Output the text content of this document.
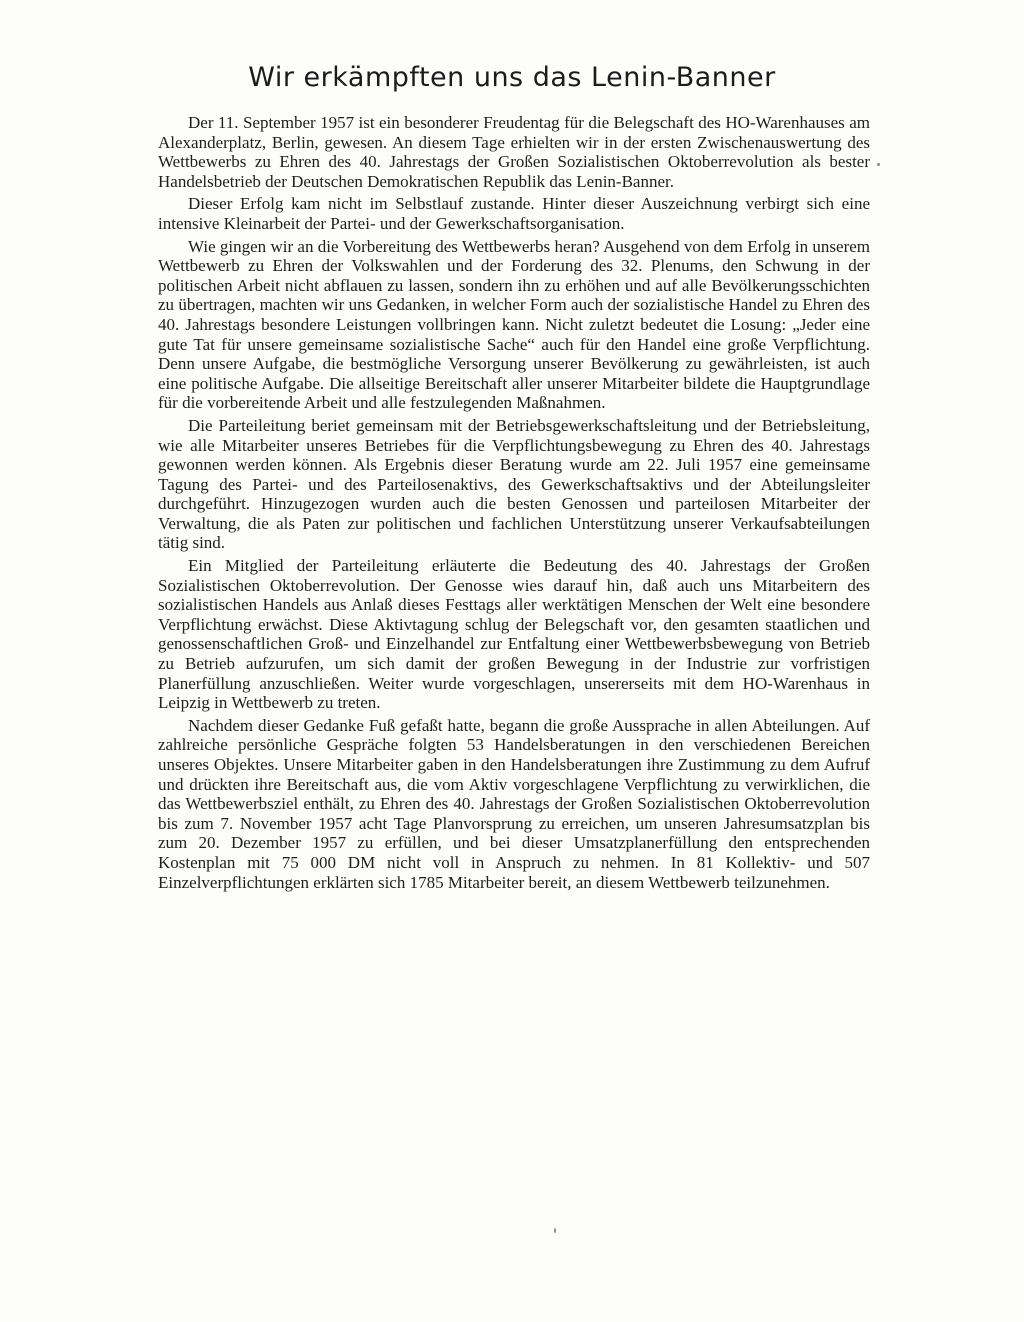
Wir erkämpften uns das Lenin-Banner

Der 11. September 1957 ist ein besonderer Freudentag für die Belegschaft des HO-Warenhauses am Alexanderplatz, Berlin, gewesen. An diesem Tage erhielten wir in der ersten Zwischenauswertung des Wettbewerbs zu Ehren des 40. Jahrestags der Großen Sozialistischen Oktoberrevolution als bester Handelsbetrieb der Deutschen Demokratischen Republik das Lenin-Banner.

Dieser Erfolg kam nicht im Selbstlauf zustande. Hinter dieser Auszeichnung verbirgt sich eine intensive Kleinarbeit der Partei- und der Gewerkschaftsorganisation.

Wie gingen wir an die Vorbereitung des Wettbewerbs heran? Ausgehend von dem Erfolg in unserem Wettbewerb zu Ehren der Volkswahlen und der Forderung des 32. Plenums, den Schwung in der politischen Arbeit nicht abflauen zu lassen, sondern ihn zu erhöhen und auf alle Bevölkerungsschichten zu übertragen, machten wir uns Gedanken, in welcher Form auch der sozialistische Handel zu Ehren des 40. Jahrestags besondere Leistungen vollbringen kann. Nicht zuletzt bedeutet die Losung: „Jeder eine gute Tat für unsere gemeinsame sozialistische Sache“ auch für den Handel eine große Verpflichtung. Denn unsere Aufgabe, die bestmögliche Versorgung unserer Bevölkerung zu gewährleisten, ist auch eine politische Aufgabe. Die allseitige Bereitschaft aller unserer Mitarbeiter bildete die Hauptgrundlage für die vorbereitende Arbeit und alle festzulegenden Maßnahmen.

Die Parteileitung beriet gemeinsam mit der Betriebsgewerkschaftsleitung und der Betriebsleitung, wie alle Mitarbeiter unseres Betriebes für die Verpflichtungsbewegung zu Ehren des 40. Jahrestags gewonnen werden können. Als Ergebnis dieser Beratung wurde am 22. Juli 1957 eine gemeinsame Tagung des Partei- und des Parteilosenaktivs, des Gewerkschaftsaktivs und der Abteilungsleiter durchgeführt. Hinzugezogen wurden auch die besten Genossen und parteilosen Mitarbeiter der Verwaltung, die als Paten zur politischen und fachlichen Unterstützung unserer Verkaufsabteilungen tätig sind.

Ein Mitglied der Parteileitung erläuterte die Bedeutung des 40. Jahrestags der Großen Sozialistischen Oktoberrevolution. Der Genosse wies darauf hin, daß auch uns Mitarbeitern des sozialistischen Handels aus Anlaß dieses Festtags aller werktätigen Menschen der Welt eine besondere Verpflichtung erwächst. Diese Aktivtagung schlug der Belegschaft vor, den gesamten staatlichen und genossenschaftlichen Groß- und Einzelhandel zur Entfaltung einer Wettbewerbsbewegung von Betrieb zu Betrieb aufzurufen, um sich damit der großen Bewegung in der Industrie zur vorfristigen Planerfüllung anzuschließen. Weiter wurde vorgeschlagen, unsererseits mit dem HO-Warenhaus in Leipzig in Wettbewerb zu treten.

Nachdem dieser Gedanke Fuß gefaßt hatte, begann die große Aussprache in allen Abteilungen. Auf zahlreiche persönliche Gespräche folgten 53 Handelsberatungen in den verschiedenen Bereichen unseres Objektes. Unsere Mitarbeiter gaben in den Handelsberatungen ihre Zustimmung zu dem Aufruf und drückten ihre Bereitschaft aus, die vom Aktiv vorgeschlagene Verpflichtung zu verwirklichen, die das Wettbewerbsziel enthält, zu Ehren des 40. Jahrestags der Großen Sozialistischen Oktoberrevolution bis zum 7. November 1957 acht Tage Planvorsprung zu erreichen, um unseren Jahresumsatzplan bis zum 20. Dezember 1957 zu erfüllen, und bei dieser Umsatzplanerfüllung den entsprechenden Kostenplan mit 75 000 DM nicht voll in Anspruch zu nehmen. In 81 Kollektiv- und 507 Einzelverpflichtungen erklärten sich 1785 Mitarbeiter bereit, an diesem Wettbewerb teilzunehmen.
